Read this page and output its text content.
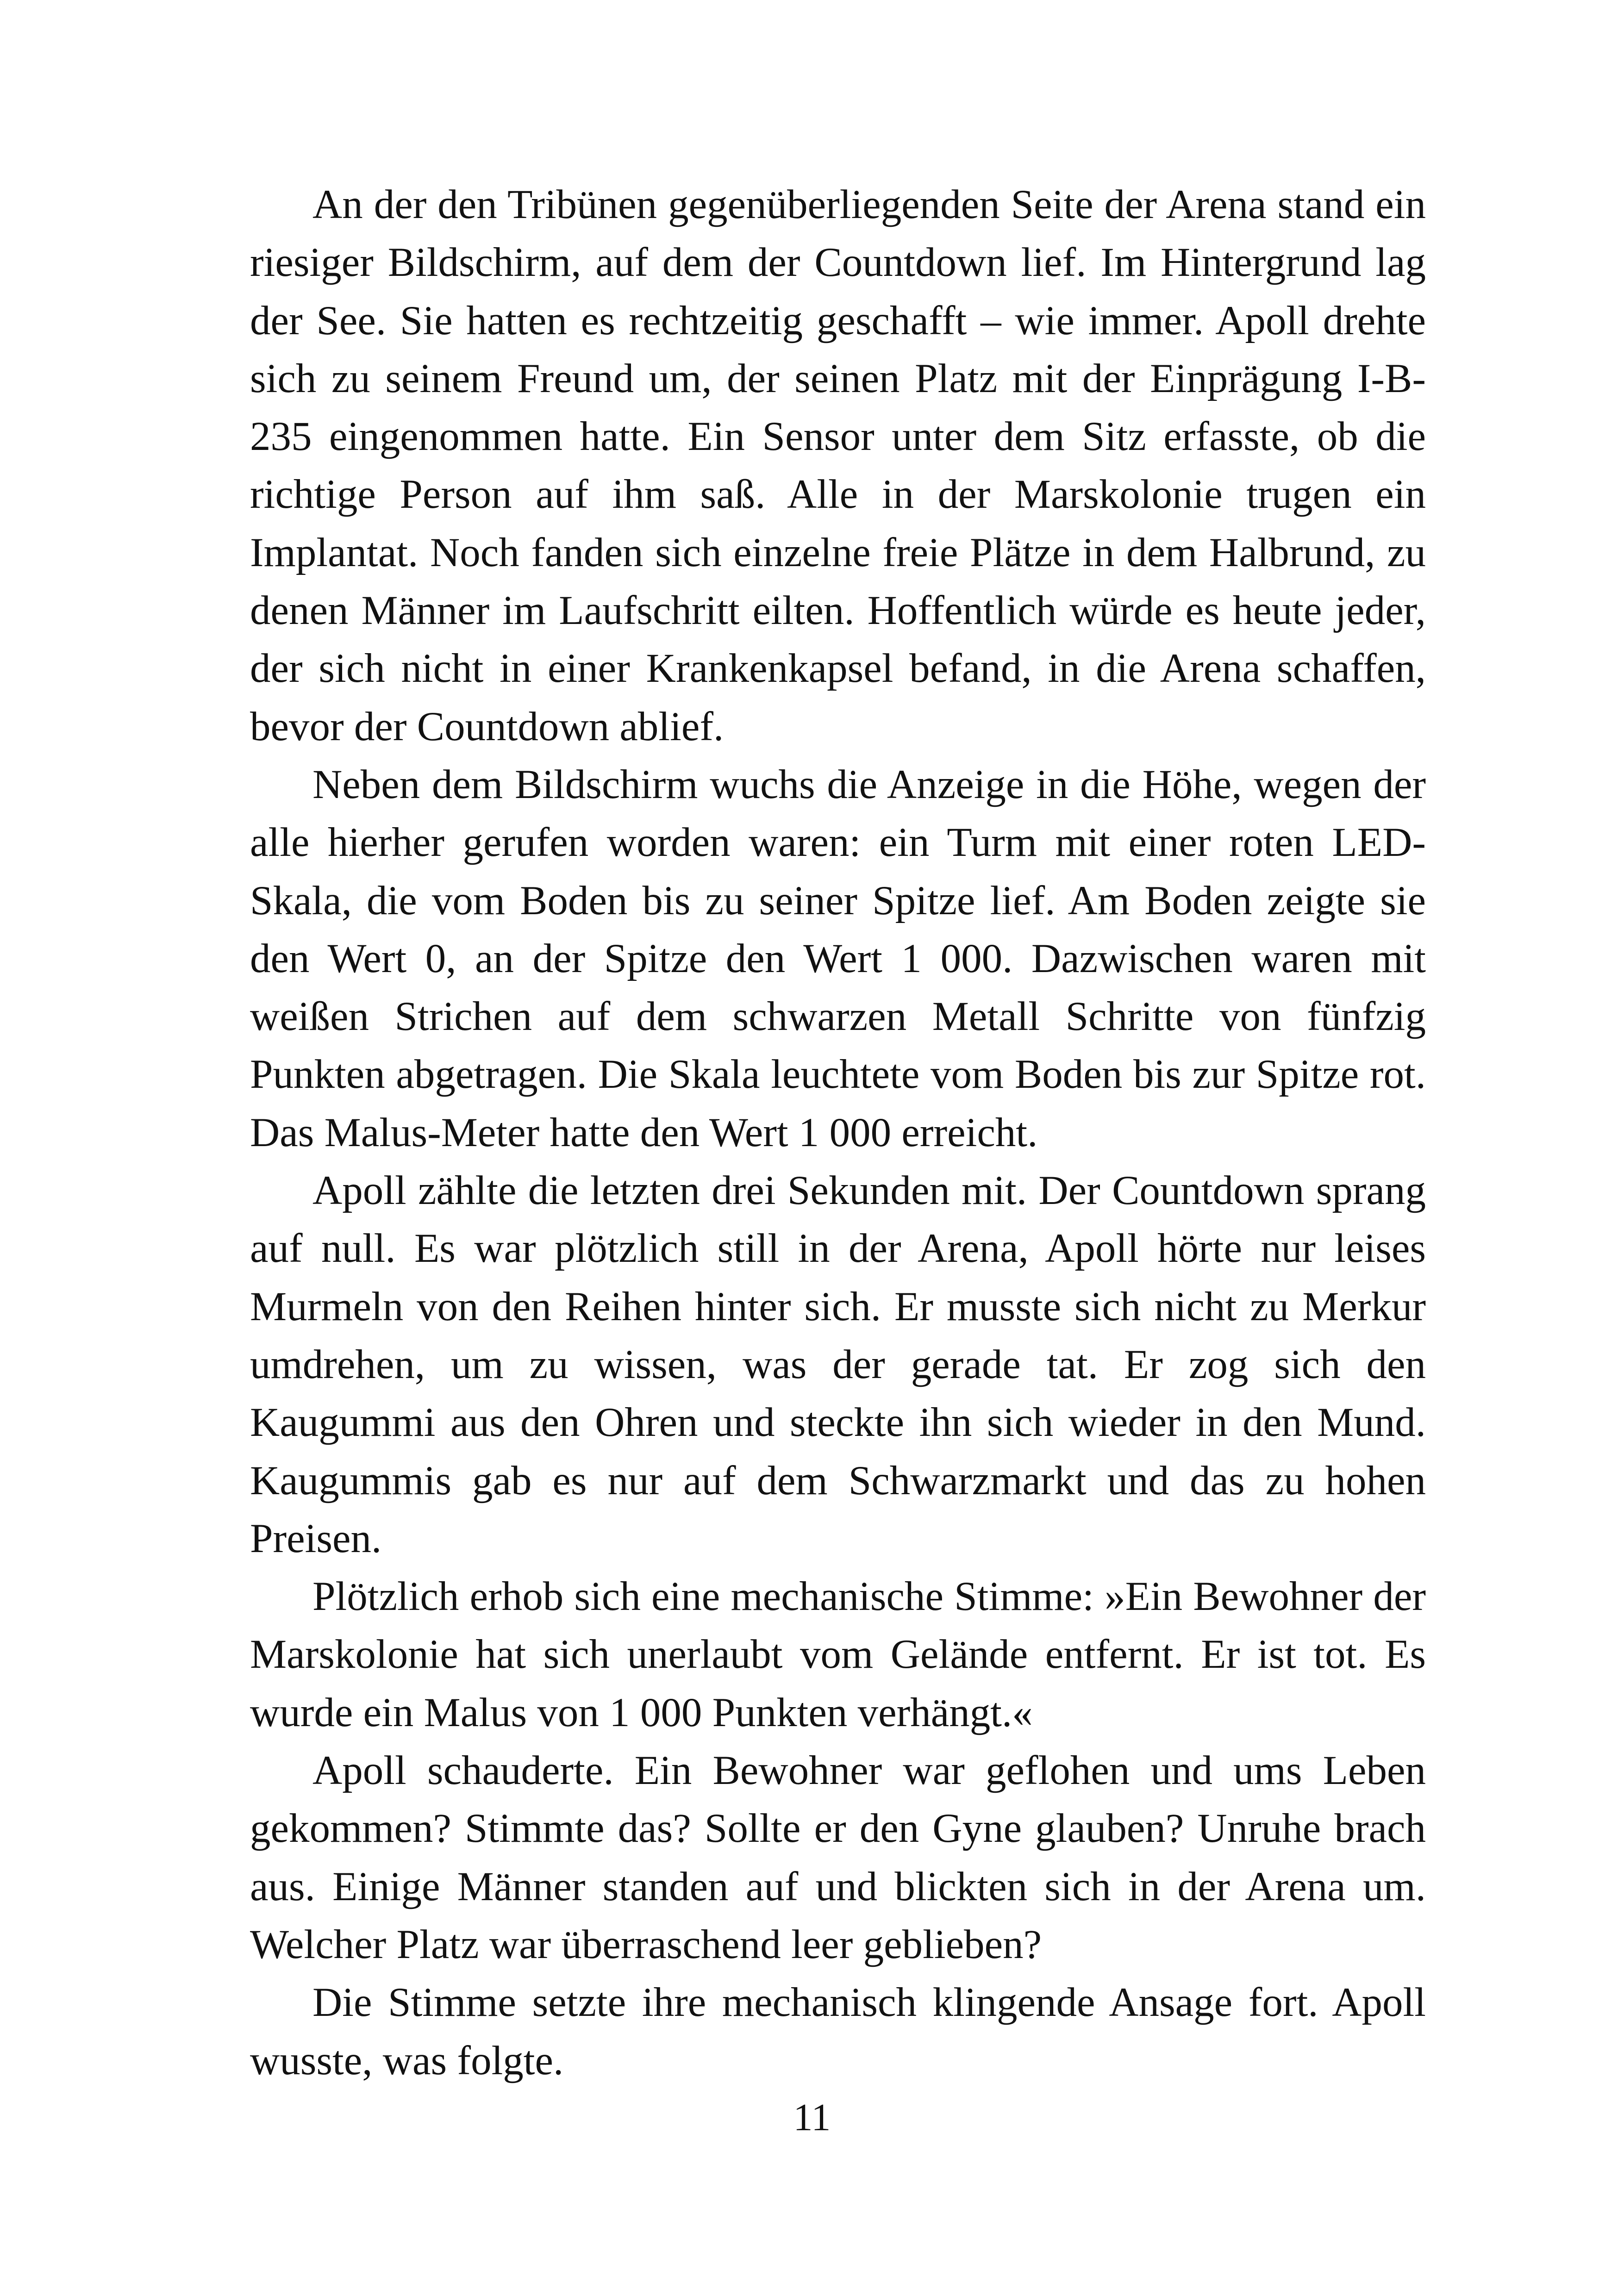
An der den Tribünen gegenüberliegenden Seite der Arena stand ein riesiger Bildschirm, auf dem der Countdown lief. Im Hintergrund lag der See. Sie hatten es rechtzeitig geschafft – wie immer. Apoll drehte sich zu seinem Freund um, der seinen Platz mit der Einprägung I-B-235 eingenommen hatte. Ein Sensor unter dem Sitz erfasste, ob die richtige Person auf ihm saß. Alle in der Marskolonie trugen ein Implantat. Noch fanden sich einzelne freie Plätze in dem Halbrund, zu denen Männer im Laufschritt eilten. Hoffentlich würde es heute jeder, der sich nicht in einer Krankenkapsel befand, in die Arena schaffen, bevor der Countdown ablief.

Neben dem Bildschirm wuchs die Anzeige in die Höhe, wegen der alle hierher gerufen worden waren: ein Turm mit einer roten LED-Skala, die vom Boden bis zu seiner Spitze lief. Am Boden zeigte sie den Wert 0, an der Spitze den Wert 1 000. Dazwischen waren mit weißen Strichen auf dem schwarzen Metall Schritte von fünfzig Punkten abgetragen. Die Skala leuchtete vom Boden bis zur Spitze rot. Das Malus-Meter hatte den Wert 1 000 erreicht.

Apoll zählte die letzten drei Sekunden mit. Der Countdown sprang auf null. Es war plötzlich still in der Arena, Apoll hörte nur leises Murmeln von den Reihen hinter sich. Er musste sich nicht zu Merkur umdrehen, um zu wissen, was der gerade tat. Er zog sich den Kaugummi aus den Ohren und steckte ihn sich wieder in den Mund. Kaugummis gab es nur auf dem Schwarzmarkt und das zu hohen Preisen.

Plötzlich erhob sich eine mechanische Stimme: »Ein Bewohner der Marskolonie hat sich unerlaubt vom Gelände entfernt. Er ist tot. Es wurde ein Malus von 1 000 Punkten verhängt.«

Apoll schauderte. Ein Bewohner war geflohen und ums Leben gekommen? Stimmte das? Sollte er den Gyne glauben? Unruhe brach aus. Einige Männer standen auf und blickten sich in der Arena um. Welcher Platz war überraschend leer geblieben?

Die Stimme setzte ihre mechanisch klingende Ansage fort. Apoll wusste, was folgte.

11
